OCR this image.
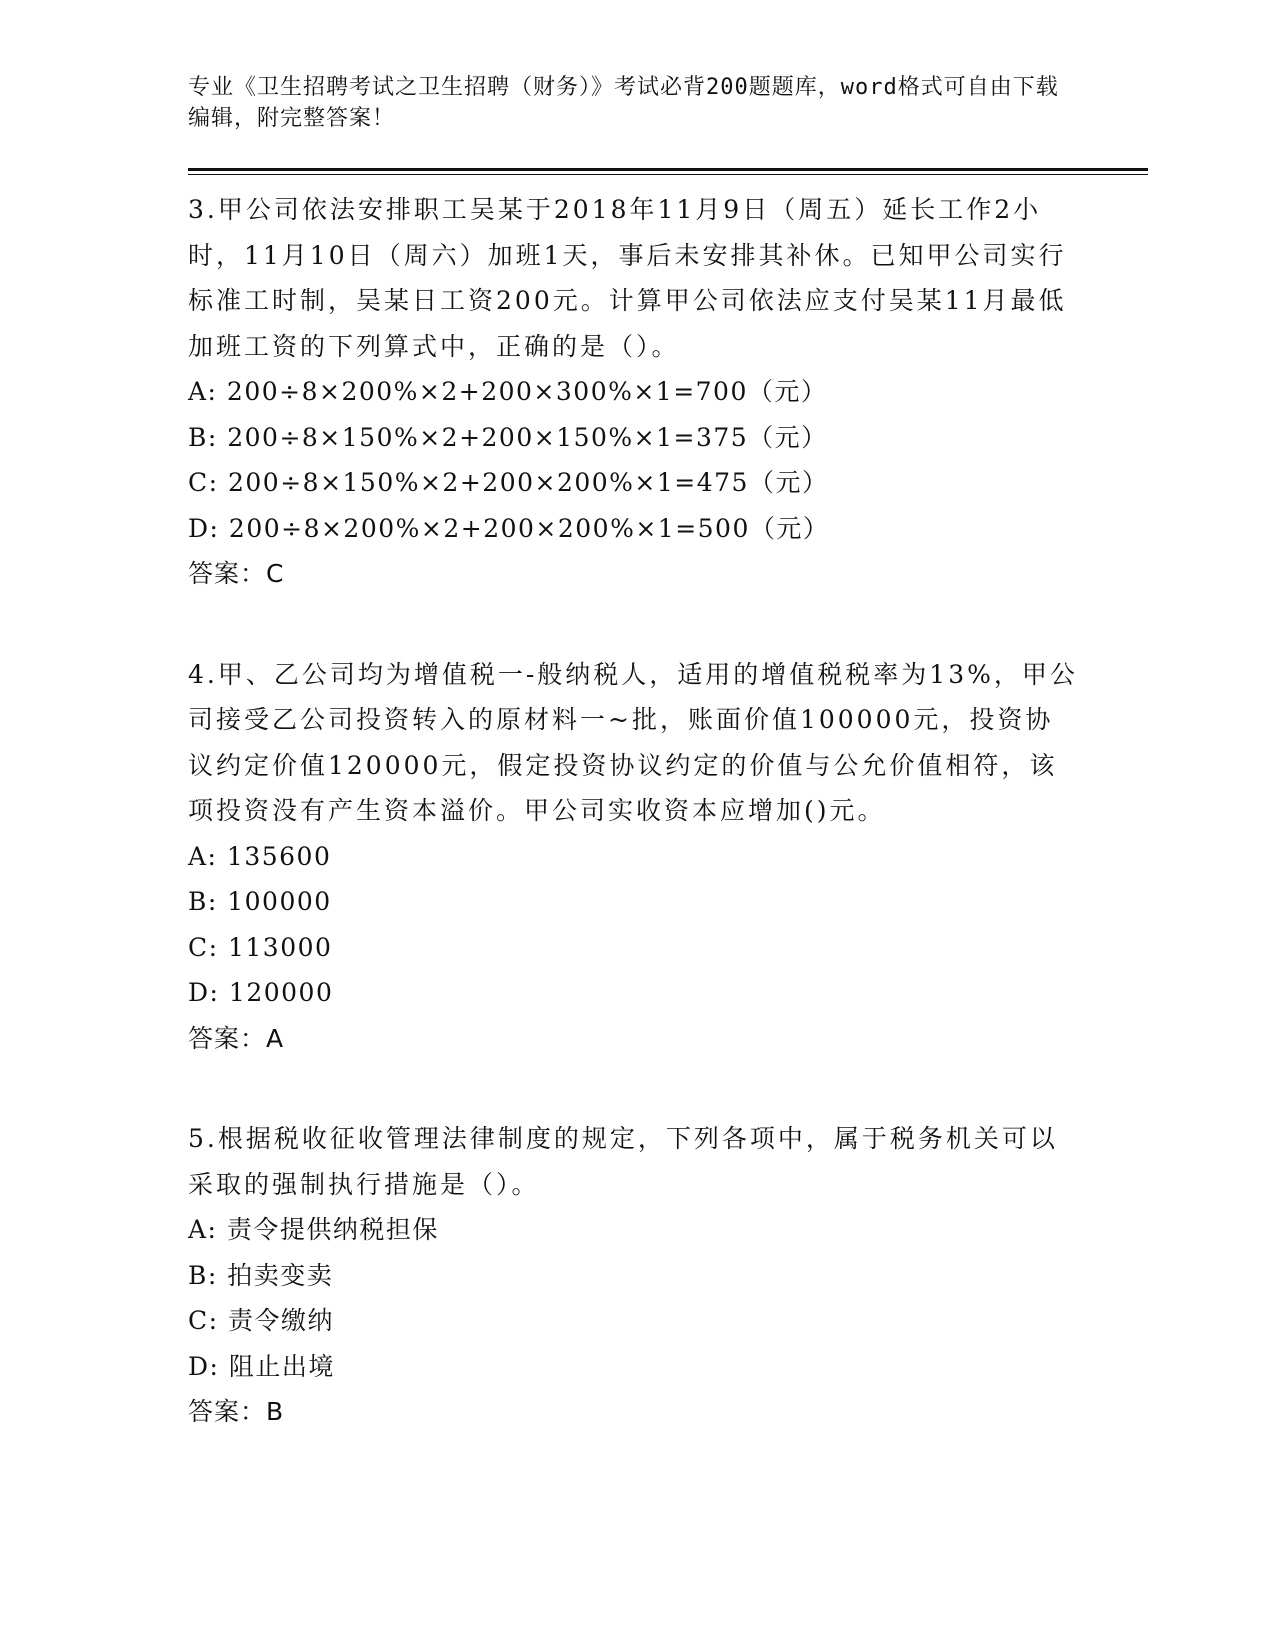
专业《卫生招聘考试之卫生招聘（财务）》考试必背200题题库，word格式可自由下载编辑，附完整答案！

3.甲公司依法安排职工吴某于2018年11月9日（周五）延长工作2小时，11月10日（周六）加班1天，事后未安排其补休。已知甲公司实行标准工时制，吴某日工资200元。计算甲公司依法应支付吴某11月最低加班工资的下列算式中，正确的是（）。

A: 200÷8×200%×2+200×300%×1=700（元）

B: 200÷8×150%×2+200×150%×1=375（元）

C: 200÷8×150%×2+200×200%×1=475（元）

D: 200÷8×200%×2+200×200%×1=500（元）

答案：C

4.甲、乙公司均为增值税一-般纳税人，适用的增值税税率为13%，甲公司接受乙公司投资转入的原材料一~批，账面价值100000元，投资协议约定价值120000元，假定投资协议约定的价值与公允价值相符，该项投资没有产生资本溢价。甲公司实收资本应增加()元。

A: 135600

B: 100000

C: 113000

D: 120000

答案：A

5.根据税收征收管理法律制度的规定，下列各项中，属于税务机关可以采取的强制执行措施是（）。

A: 责令提供纳税担保

B: 拍卖变卖

C: 责令缴纳

D: 阻止出境

答案：B
